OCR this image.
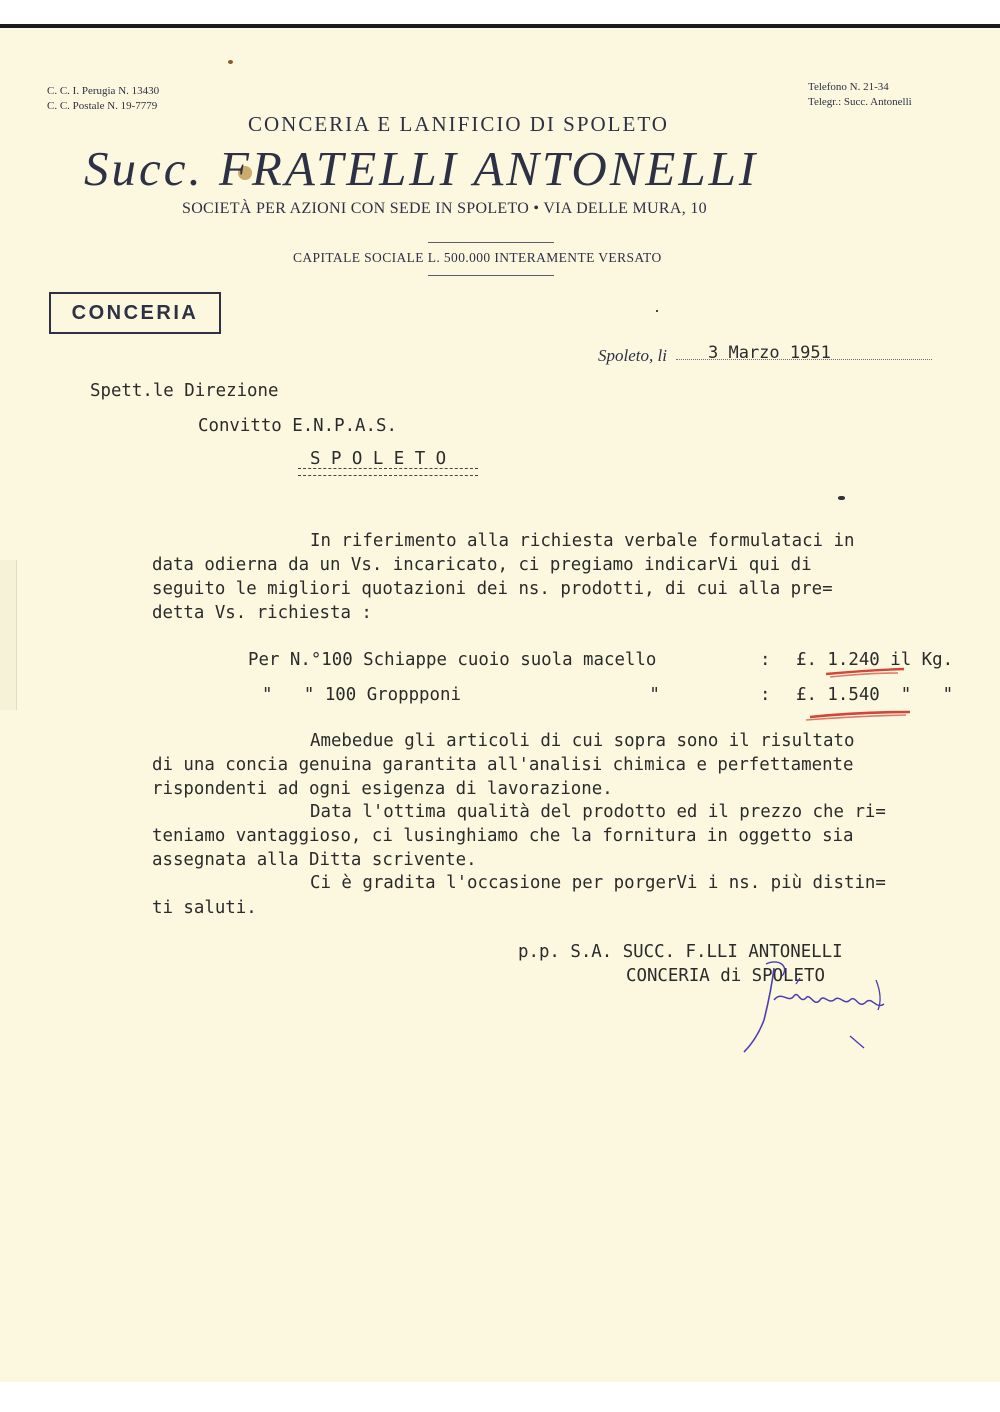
C. C. I. Perugia N. 13430
C. C. Postale N. 19-7779
Telefono N. 21-34
Telegr.: Succ. Antonelli
CONCERIA E LANIFICIO DI SPOLETO
Succ. FRATELLI ANTONELLI
SOCIETÀ PER AZIONI CON SEDE IN SPOLETO • VIA DELLE MURA, 10
CAPITALE SOCIALE L. 500.000 INTERAMENTE VERSATO
CONCERIA
Spoleto, li 3 Marzo 1951
Spett.le Direzione
Convitto E.N.P.A.S.
S P O L E T O
In riferimento alla richiesta verbale formulataci in
data odierna da un Vs. incaricato, ci pregiamo indicarVi qui di
seguito le migliori quotazioni dei ns. prodotti, di cui alla pre=
detta Vs. richiesta :
Per N.°100 Schiappe cuoio suola macello	: £. 1.240 il Kg.
"   " 100 Groppponi                  "	: £. 1.540  "   "
Amebedue gli articoli di cui sopra sono il risultato
di una concia genuina garantita all'analisi chimica e perfettamente
rispondenti ad ogni esigenza di lavorazione.
Data l'ottima qualità del prodotto ed il prezzo che ri=
teniamo vantaggioso, ci lusinghiamo che la fornitura in oggetto sia
assegnata alla Ditta scrivente.
Ci è gradita l'occasione per porgerVi i ns. più distin=
ti saluti.
p.p. S.A. SUCC. F.LLI ANTONELLI
CONCERIA di SPOLETO
